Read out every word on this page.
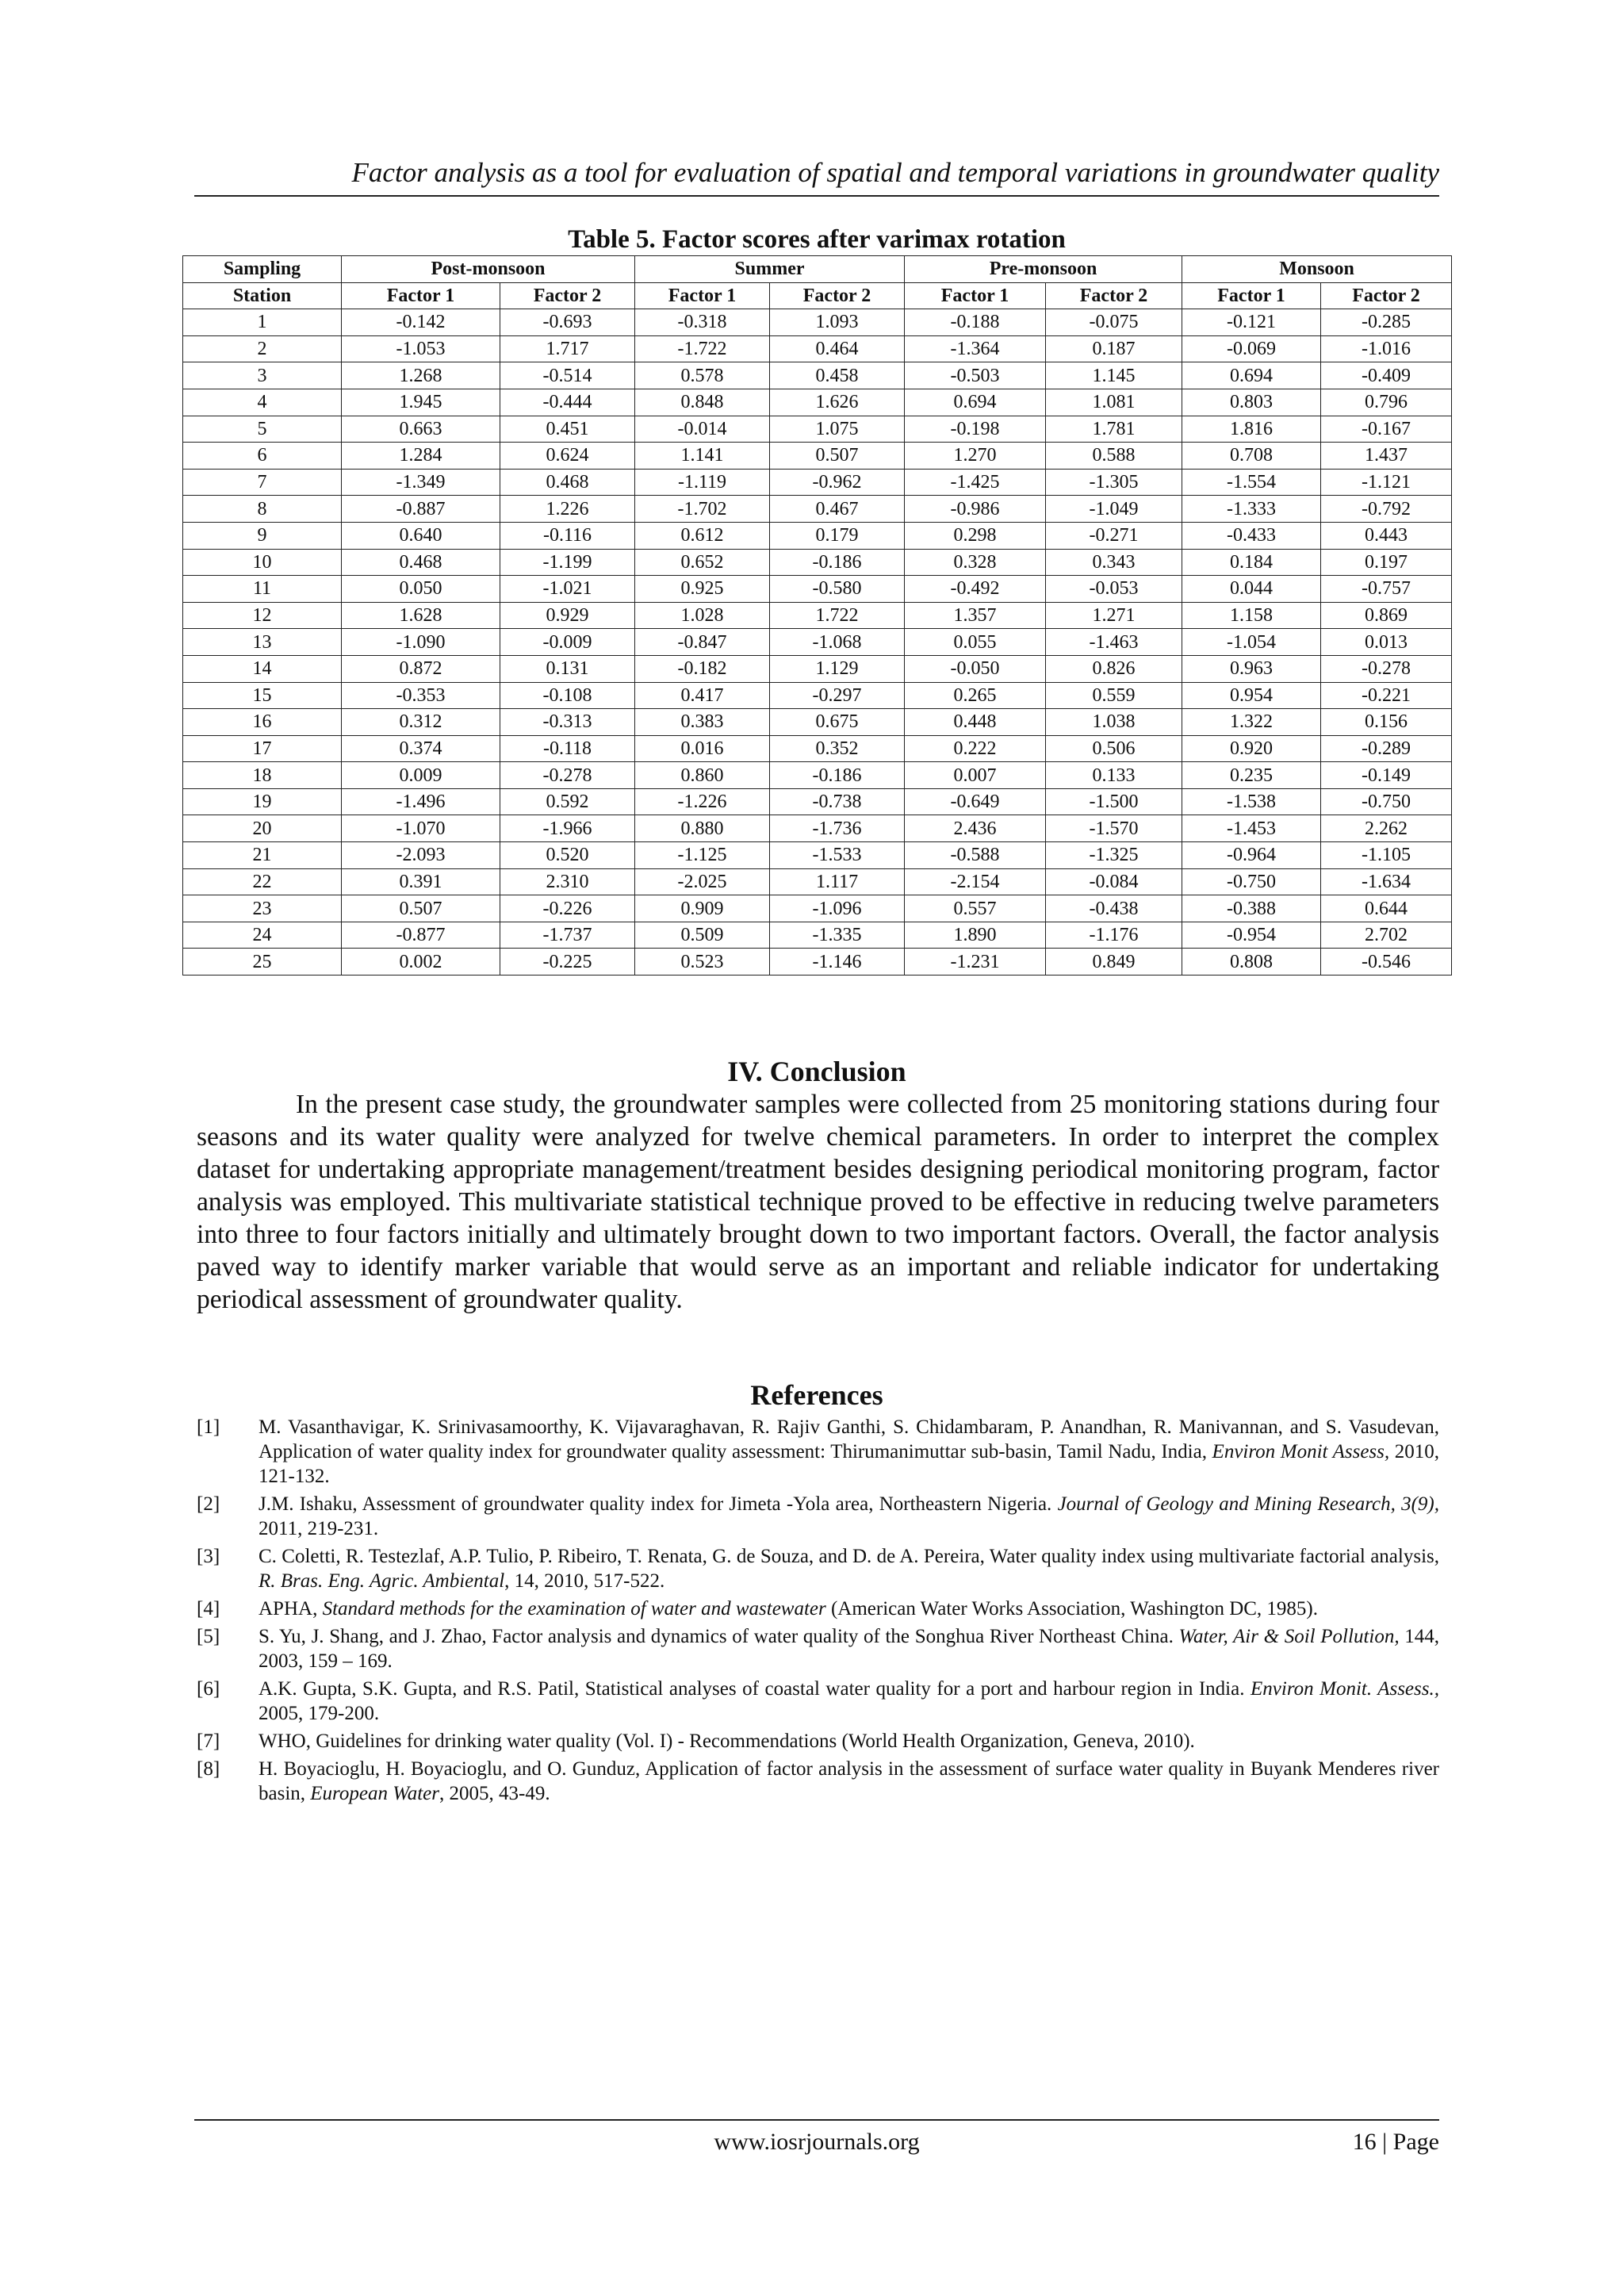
Factor analysis as a tool for evaluation of spatial and temporal variations in groundwater quality
Table 5. Factor scores after varimax rotation
Sampling	Post-monsoon		Summer		Pre-monsoon		Monsoon	
Station	Factor 1	Factor 2	Factor 1	Factor 2	Factor 1	Factor 2	Factor 1	Factor 2
1	-0.142	-0.693	-0.318	1.093	-0.188	-0.075	-0.121	-0.285
2	-1.053	1.717	-1.722	0.464	-1.364	0.187	-0.069	-1.016
3	1.268	-0.514	0.578	0.458	-0.503	1.145	0.694	-0.409
4	1.945	-0.444	0.848	1.626	0.694	1.081	0.803	0.796
5	0.663	0.451	-0.014	1.075	-0.198	1.781	1.816	-0.167
6	1.284	0.624	1.141	0.507	1.270	0.588	0.708	1.437
7	-1.349	0.468	-1.119	-0.962	-1.425	-1.305	-1.554	-1.121
8	-0.887	1.226	-1.702	0.467	-0.986	-1.049	-1.333	-0.792
9	0.640	-0.116	0.612	0.179	0.298	-0.271	-0.433	0.443
10	0.468	-1.199	0.652	-0.186	0.328	0.343	0.184	0.197
11	0.050	-1.021	0.925	-0.580	-0.492	-0.053	0.044	-0.757
12	1.628	0.929	1.028	1.722	1.357	1.271	1.158	0.869
13	-1.090	-0.009	-0.847	-1.068	0.055	-1.463	-1.054	0.013
14	0.872	0.131	-0.182	1.129	-0.050	0.826	0.963	-0.278
15	-0.353	-0.108	0.417	-0.297	0.265	0.559	0.954	-0.221
16	0.312	-0.313	0.383	0.675	0.448	1.038	1.322	0.156
17	0.374	-0.118	0.016	0.352	0.222	0.506	0.920	-0.289
18	0.009	-0.278	0.860	-0.186	0.007	0.133	0.235	-0.149
19	-1.496	0.592	-1.226	-0.738	-0.649	-1.500	-1.538	-0.750
20	-1.070	-1.966	0.880	-1.736	2.436	-1.570	-1.453	2.262
21	-2.093	0.520	-1.125	-1.533	-0.588	-1.325	-0.964	-1.105
22	0.391	2.310	-2.025	1.117	-2.154	-0.084	-0.750	-1.634
23	0.507	-0.226	0.909	-1.096	0.557	-0.438	-0.388	0.644
24	-0.877	-1.737	0.509	-1.335	1.890	-1.176	-0.954	2.702
25	0.002	-0.225	0.523	-1.146	-1.231	0.849	0.808	-0.546
IV. Conclusion

In the present case study, the groundwater samples were collected from 25 monitoring stations during four seasons and its water quality were analyzed for twelve chemical parameters. In order to interpret the complex dataset for undertaking appropriate management/treatment besides designing periodical monitoring program, factor analysis was employed. This multivariate statistical technique proved to be effective in reducing twelve parameters into three to four factors initially and ultimately brought down to two important factors. Overall, the factor analysis paved way to identify marker variable that would serve as an important and reliable indicator for undertaking periodical assessment of groundwater quality.

References
[1]	M. Vasanthavigar, K. Srinivasamoorthy, K. Vijavaraghavan, R. Rajiv Ganthi, S. Chidambaram, P. Anandhan, R. Manivannan, and S. Vasudevan, Application of water quality index for groundwater quality assessment: Thirumanimuttar sub-basin, Tamil Nadu, India, Environ Monit Assess, 2010, 121-132.
[2]	J.M. Ishaku, Assessment of groundwater quality index for Jimeta -Yola area, Northeastern Nigeria. Journal of Geology and Mining Research, 3(9), 2011, 219-231.
[3]	C. Coletti, R. Testezlaf, A.P. Tulio, P. Ribeiro, T. Renata, G. de Souza, and D. de A. Pereira, Water quality index using multivariate factorial analysis, R. Bras. Eng. Agric. Ambiental, 14, 2010, 517-522.
[4]	APHA, Standard methods for the examination of water and wastewater (American Water Works Association, Washington DC, 1985).
[5]	S. Yu, J. Shang, and J. Zhao, Factor analysis and dynamics of water quality of the Songhua River Northeast China. Water, Air & Soil Pollution, 144, 2003, 159 – 169.
[6]	A.K. Gupta, S.K. Gupta, and R.S. Patil, Statistical analyses of coastal water quality for a port and harbour region in India. Environ Monit. Assess., 2005, 179-200.
[7]	WHO, Guidelines for drinking water quality (Vol. I) - Recommendations (World Health Organization, Geneva, 2010).
[8]	H. Boyacioglu, H. Boyacioglu, and O. Gunduz, Application of factor analysis in the assessment of surface water quality in Buyank Menderes river basin, European Water, 2005, 43-49.
www.iosrjournals.org	16 | Page
